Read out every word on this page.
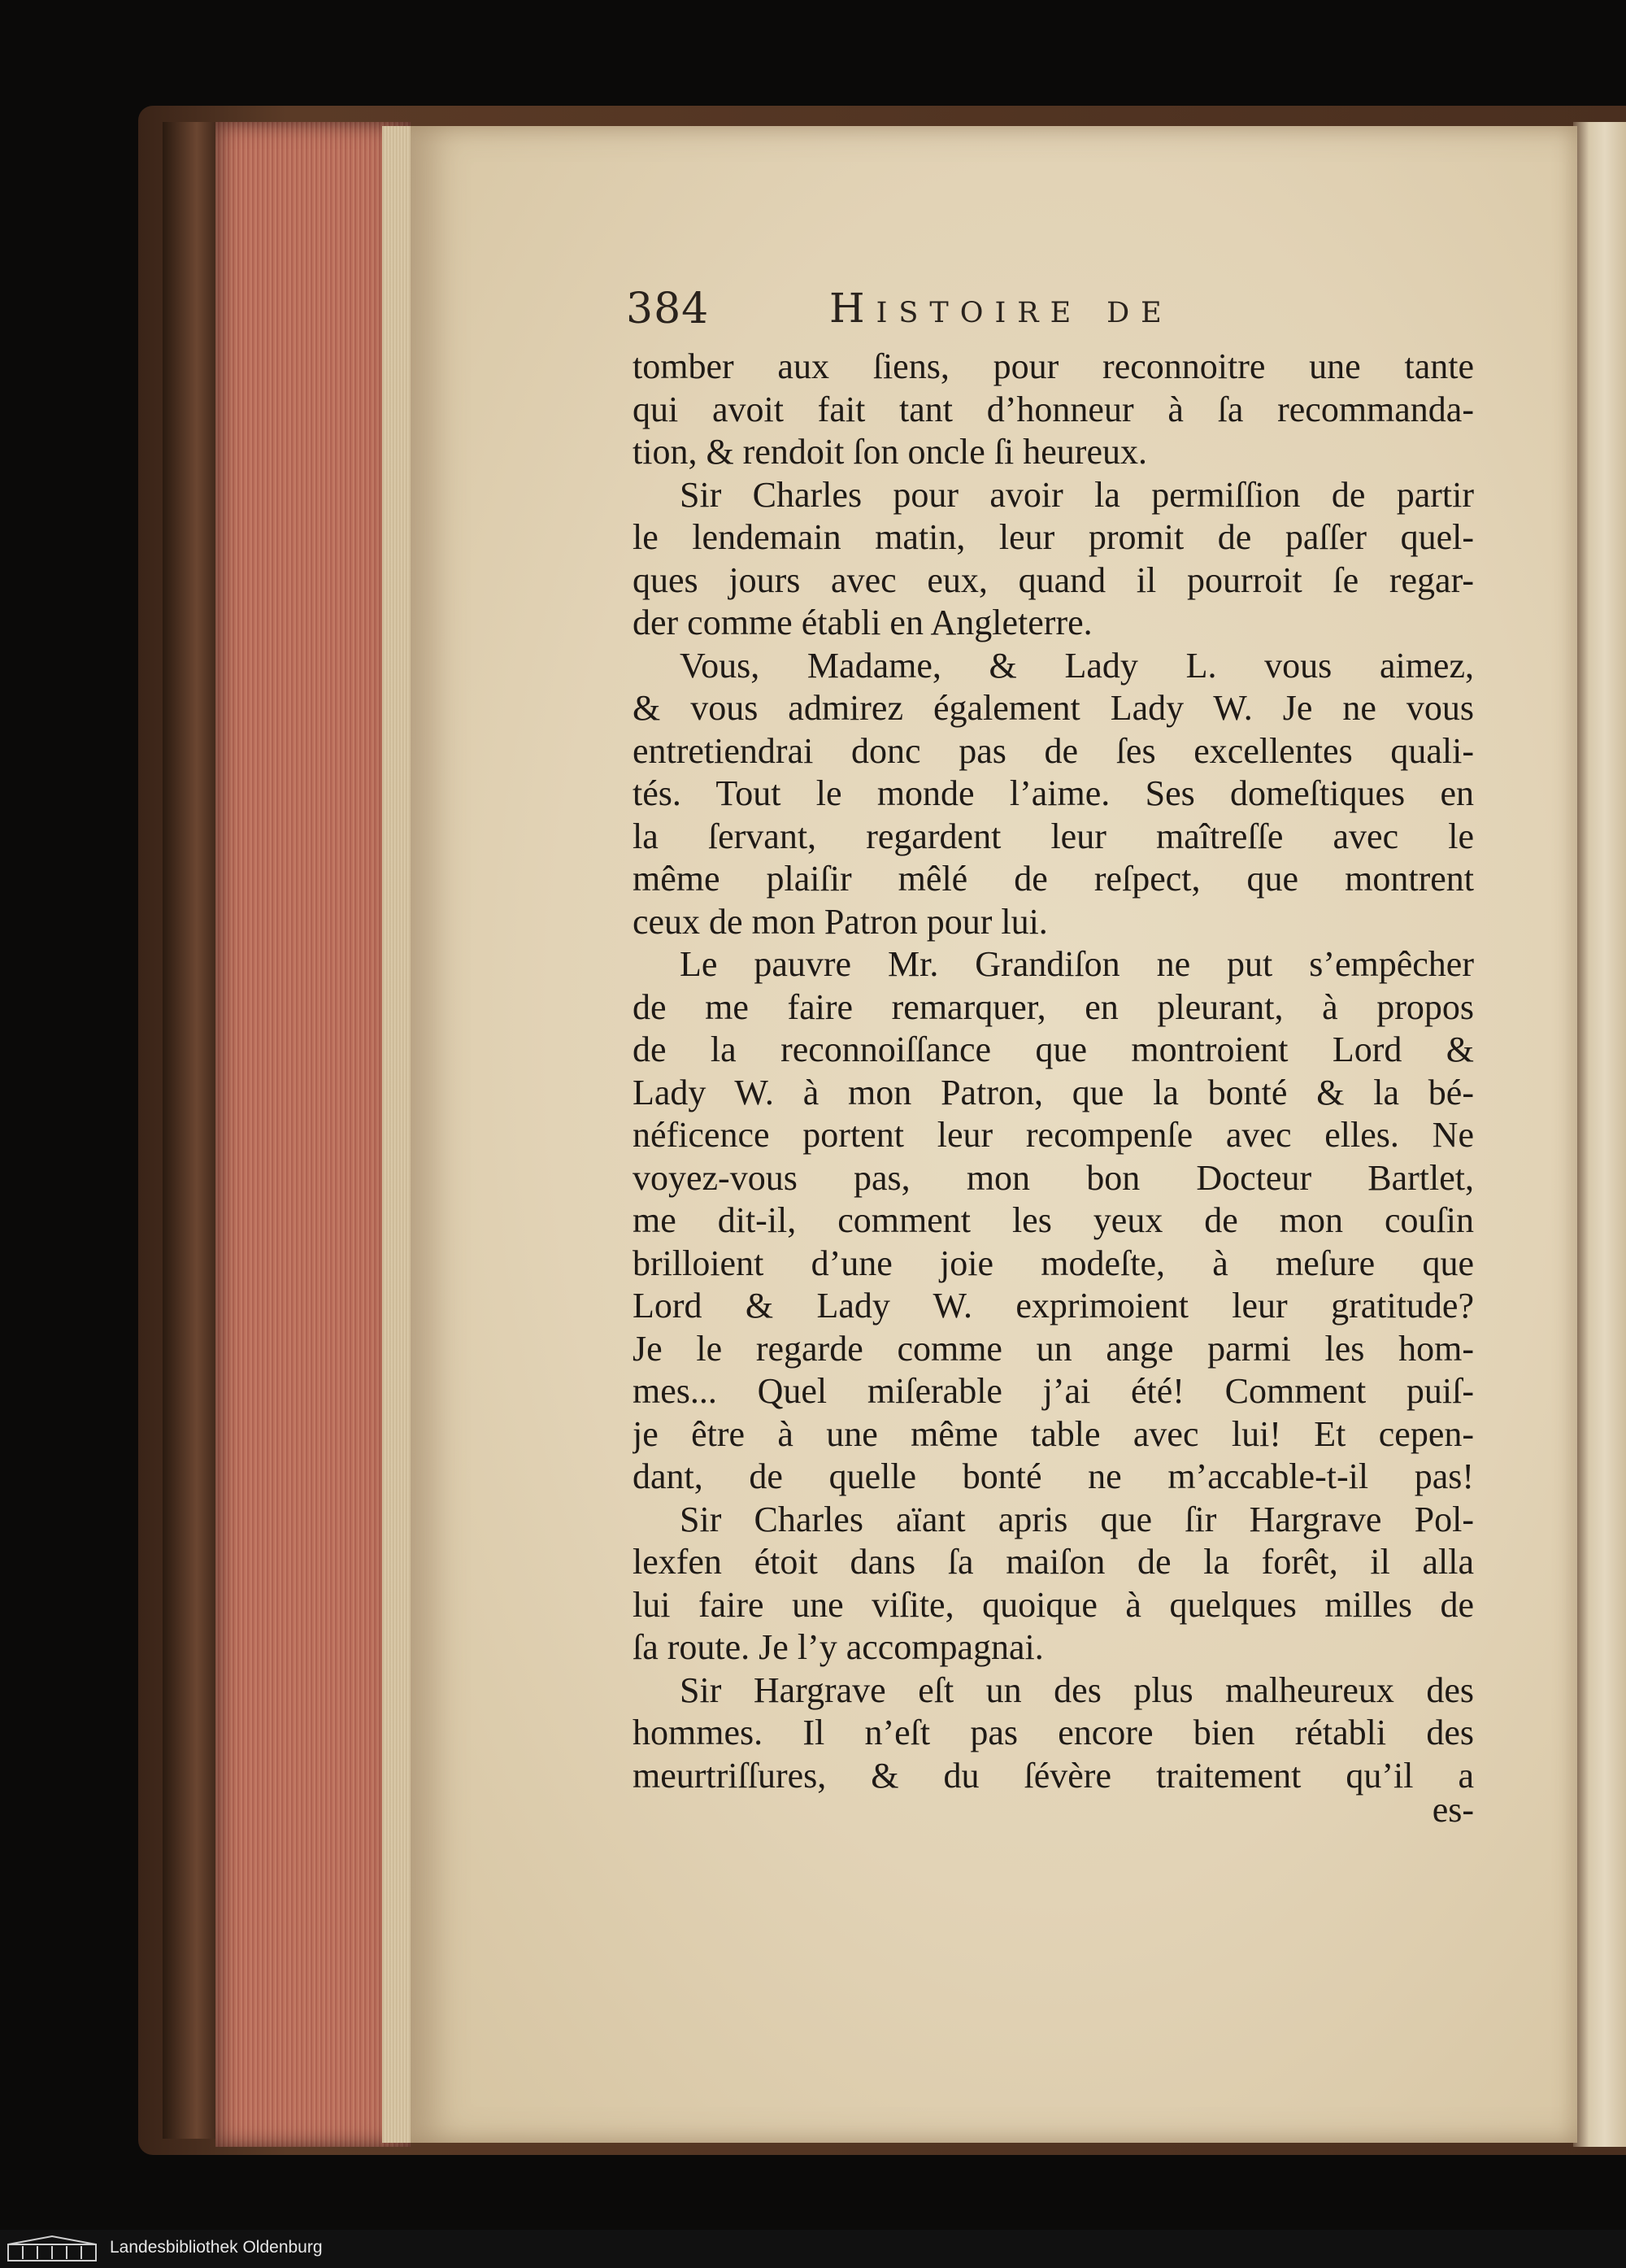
384	Histoire de
tomber aux ſiens, pour reconnoitre une tante
qui avoit fait tant d’honneur à ſa recommanda-
tion, & rendoit ſon oncle ſi heureux.
Sir Charles pour avoir la permiſſion de partir
le lendemain matin, leur promit de paſſer quel-
ques jours avec eux, quand il pourroit ſe regar-
der comme établi en Angleterre.
Vous, Madame, & Lady L. vous aimez,
& vous admirez également Lady W. Je ne vous
entretiendrai donc pas de ſes excellentes quali-
tés. Tout le monde l’aime. Ses domeſtiques en
la ſervant, regardent leur maîtreſſe avec le
même plaiſir mêlé de reſpect, que montrent
ceux de mon Patron pour lui.
Le pauvre Mr. Grandiſon ne put s’empêcher
de me faire remarquer, en pleurant, à propos
de la reconnoiſſance que montroient Lord &
Lady W. à mon Patron, que la bonté & la bé-
néficence portent leur recompenſe avec elles. Ne
voyez-vous pas, mon bon Docteur Bartlet,
me dit-il, comment les yeux de mon couſin
brilloient d’une joie modeſte, à meſure que
Lord & Lady W. exprimoient leur gratitude?
Je le regarde comme un ange parmi les hom-
mes... Quel miſerable j’ai été! Comment puiſ-
je être à une même table avec lui! Et cepen-
dant, de quelle bonté ne m’accable-t-il pas!
Sir Charles aïant apris que ſir Hargrave Pol-
lexfen étoit dans ſa maiſon de la forêt, il alla
lui faire une viſite, quoique à quelques milles de
ſa route. Je l’y accompagnai.
Sir Hargrave eſt un des plus malheureux des
hommes. Il n’eſt pas encore bien rétabli des
meurtriſſures, & du ſévère traitement qu’il a
es-
Landesbibliothek Oldenburg
